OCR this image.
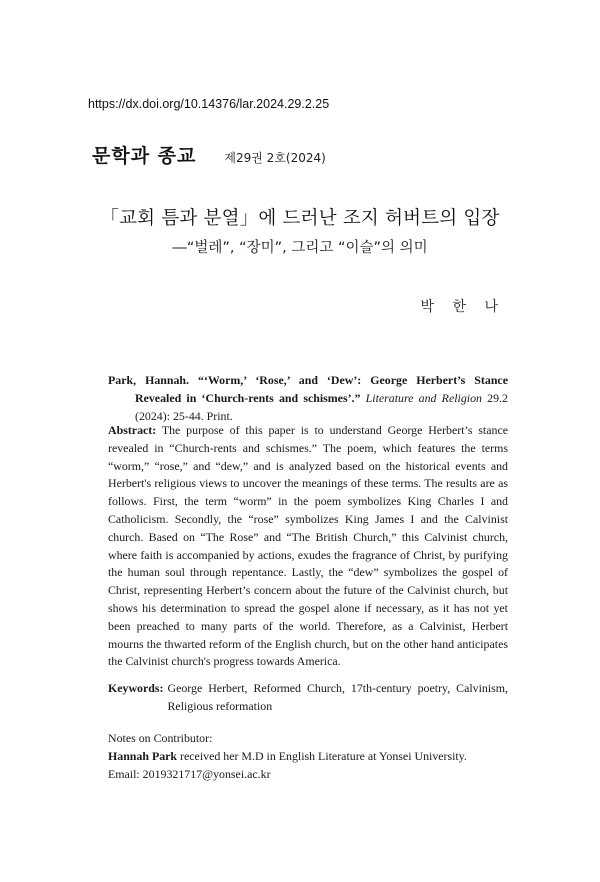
https://dx.doi.org/10.14376/lar.2024.29.2.25
문학과 종교 제29권 2호(2024)
「교회 틈과 분열」에 드러난 조지 허버트의 입장
―“벌레”, “장미”, 그리고 “이슬”의 의미
박 한 나

Park, Hannah. “‘Worm,’ ‘Rose,’ and ‘Dew’: George Herbert’s Stance Revealed in ‘Church-rents and schismes’.” Literature and Religion 29.2 (2024): 25-44. Print.

Abstract: The purpose of this paper is to understand George Herbert’s stance revealed in “Church-rents and schismes.” The poem, which features the terms “worm,” “rose,” and “dew,” and is analyzed based on the historical events and Herbert's religious views to uncover the meanings of these terms. The results are as follows. First, the term “worm” in the poem symbolizes King Charles I and Catholicism. Secondly, the “rose” symbolizes King James I and the Calvinist church. Based on “The Rose” and “The British Church,” this Calvinist church, where faith is accompanied by actions, exudes the fragrance of Christ, by purifying the human soul through repentance. Lastly, the “dew” symbolizes the gospel of Christ, representing Herbert’s concern about the future of the Calvinist church, but shows his determination to spread the gospel alone if necessary, as it has not yet been preached to many parts of the world. Therefore, as a Calvinist, Herbert mourns the thwarted reform of the English church, but on the other hand anticipates the Calvinist church's progress towards America.

Keywords: George Herbert, Reformed Church, 17th-century poetry, Calvinism, Religious reformation
Notes on Contributor:
Hannah Park received her M.D in English Literature at Yonsei University.
Email: 2019321717@yonsei.ac.kr
